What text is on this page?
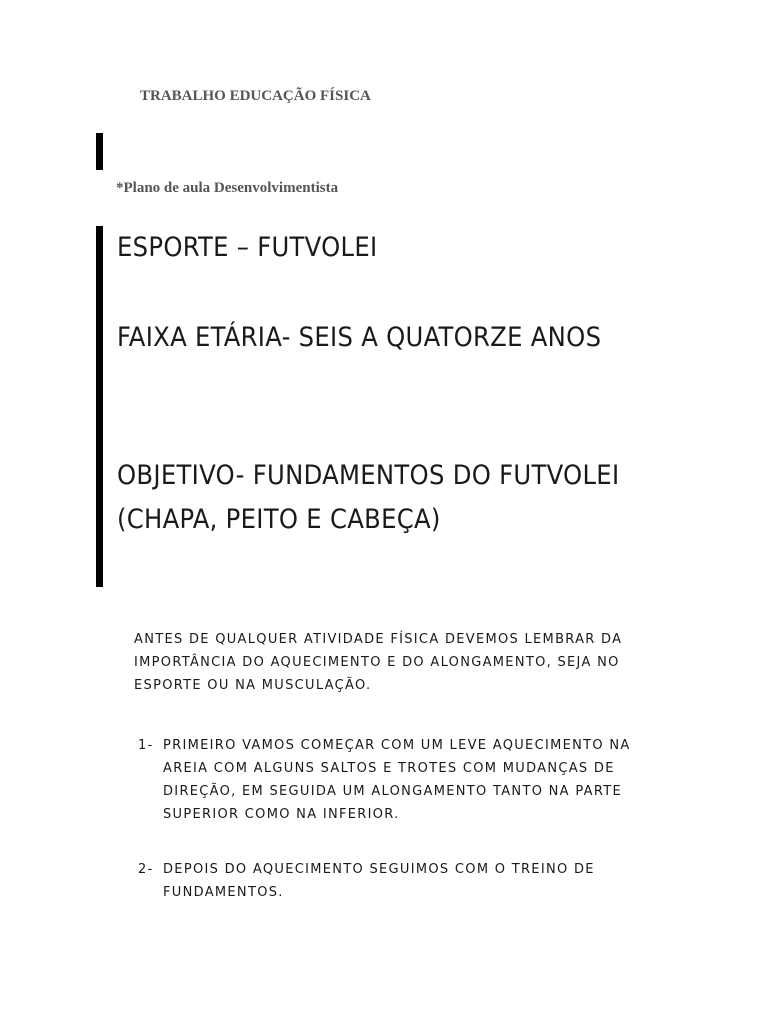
TRABALHO EDUCAÇÃO FÍSICA
*Plano de aula Desenvolvimentista
ESPORTE – FUTVOLEI
FAIXA ETÁRIA- SEIS A QUATORZE ANOS
OBJETIVO- FUNDAMENTOS DO FUTVOLEI (CHAPA, PEITO E CABEÇA)
ANTES DE QUALQUER ATIVIDADE FÍSICA DEVEMOS LEMBRAR DA IMPORTÂNCIA DO AQUECIMENTO E DO ALONGAMENTO, SEJA NO ESPORTE OU NA MUSCULAÇÃO.
1- PRIMEIRO VAMOS COMEÇAR COM UM LEVE AQUECIMENTO NA AREIA COM ALGUNS SALTOS E TROTES COM MUDANÇAS DE DIREÇÃO, EM SEGUIDA UM ALONGAMENTO TANTO NA PARTE SUPERIOR COMO NA INFERIOR.
2- DEPOIS DO AQUECIMENTO SEGUIMOS COM O TREINO DE FUNDAMENTOS.
